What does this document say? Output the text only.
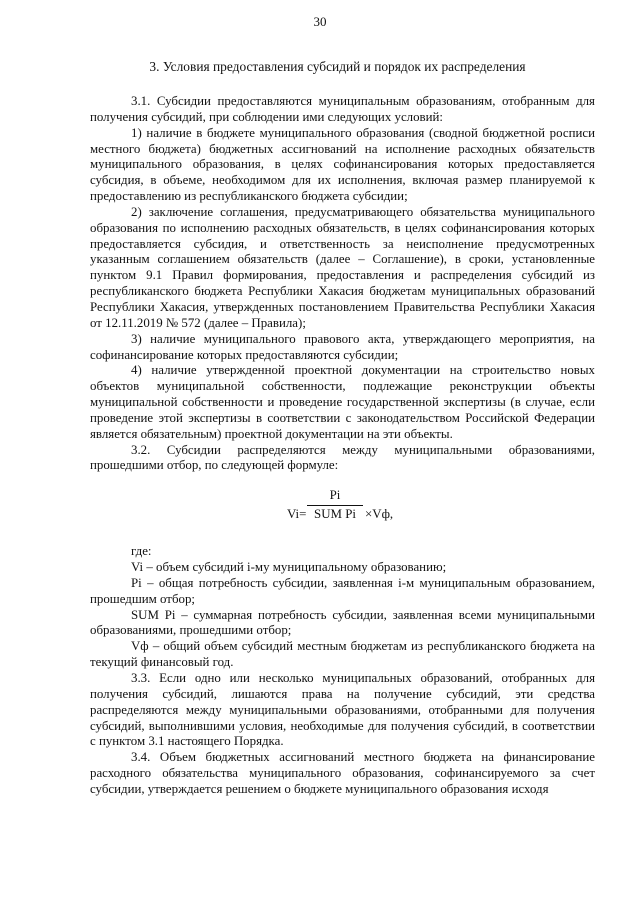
30
3. Условия предоставления субсидий и порядок их распределения

3.1. Субсидии предоставляются муниципальным образованиям, отобранным для получения субсидий, при соблюдении ими следующих условий:

1) наличие в бюджете муниципального образования (сводной бюджетной росписи местного бюджета) бюджетных ассигнований на исполнение расходных обязательств муниципального образования, в целях софинансирования которых предоставляется субсидия, в объеме, необходимом для их исполнения, включая размер планируемой к предоставлению из республиканского бюджета субсидии;

2) заключение соглашения, предусматривающего обязательства муниципального образования по исполнению расходных обязательств, в целях софинансирования которых предоставляется субсидия, и ответственность за неисполнение предусмотренных указанным соглашением обязательств (далее – Соглашение), в сроки, установленные пунктом 9.1 Правил формирования, предоставления и распределения субсидий из республиканского бюджета Республики Хакасия бюджетам муниципальных образований Республики Хакасия, утвержденных постановлением Правительства Республики Хакасия от 12.11.2019 № 572 (далее – Правила);

3) наличие муниципального правового акта, утверждающего мероприятия, на софинансирование которых предоставляются субсидии;

4) наличие утвержденной проектной документации на строительство новых объектов муниципальной собственности, подлежащие реконструкции объекты муниципальной собственности и проведение государственной экспертизы (в случае, если проведение этой экспертизы в соответствии с законодательством Российской Федерации является обязательным) проектной документации на эти объекты.

3.2. Субсидии распределяются между муниципальными образованиями, прошедшими отбор, по следующей формуле:

Vi=
Pi
SUM Pi ×Vф,

где:

Vi – объем субсидий i-му муниципальному образованию;

Pi – общая потребность субсидии, заявленная i-м муниципальным образованием, прошедшим отбор;

SUM Pi – суммарная потребность субсидии, заявленная всеми муниципальными образованиями, прошедшими отбор;

Vф – общий объем субсидий местным бюджетам из республиканского бюджета на текущий финансовый год.

3.3. Если одно или несколько муниципальных образований, отобранных для получения субсидий, лишаются права на получение субсидий, эти средства распределяются между муниципальными образованиями, отобранными для получения субсидий, выполнившими условия, необходимые для получения субсидий, в соответствии с пунктом 3.1 настоящего Порядка.

3.4. Объем бюджетных ассигнований местного бюджета на финансирование расходного обязательства муниципального образования, софинансируемого за счет субсидии, утверждается решением о бюджете муниципального образования исходя
